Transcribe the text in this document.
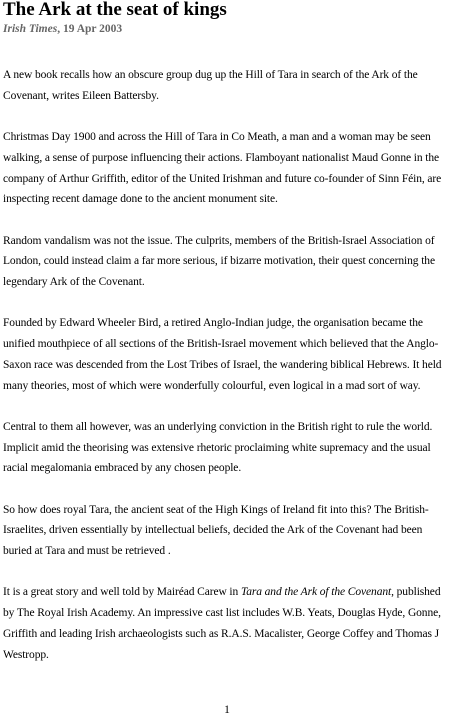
The Ark at the seat of kings
Irish Times, 19 Apr 2003

A new book recalls how an obscure group dug up the Hill of Tara in search of the Ark of the Covenant, writes Eileen Battersby.

Christmas Day 1900 and across the Hill of Tara in Co Meath, a man and a woman may be seen walking, a sense of purpose influencing their actions. Flamboyant nationalist Maud Gonne in the company of Arthur Griffith, editor of the United Irishman and future co-founder of Sinn Féin, are inspecting recent damage done to the ancient monument site.

Random vandalism was not the issue. The culprits, members of the British-Israel Association of London, could instead claim a far more serious, if bizarre motivation, their quest concerning the legendary Ark of the Covenant.

Founded by Edward Wheeler Bird, a retired Anglo-Indian judge, the organisation became the unified mouthpiece of all sections of the British-Israel movement which believed that the Anglo-Saxon race was descended from the Lost Tribes of Israel, the wandering biblical Hebrews. It held many theories, most of which were wonderfully colourful, even logical in a mad sort of way.

Central to them all however, was an underlying conviction in the British right to rule the world. Implicit amid the theorising was extensive rhetoric proclaiming white supremacy and the usual racial megalomania embraced by any chosen people.

So how does royal Tara, the ancient seat of the High Kings of Ireland fit into this? The British-Israelites, driven essentially by intellectual beliefs, decided the Ark of the Covenant had been buried at Tara and must be retrieved .

It is a great story and well told by Mairéad Carew in Tara and the Ark of the Covenant, published by The Royal Irish Academy. An impressive cast list includes W.B. Yeats, Douglas Hyde, Gonne, Griffith and leading Irish archaeologists such as R.A.S. Macalister, George Coffey and Thomas J Westropp.

1
